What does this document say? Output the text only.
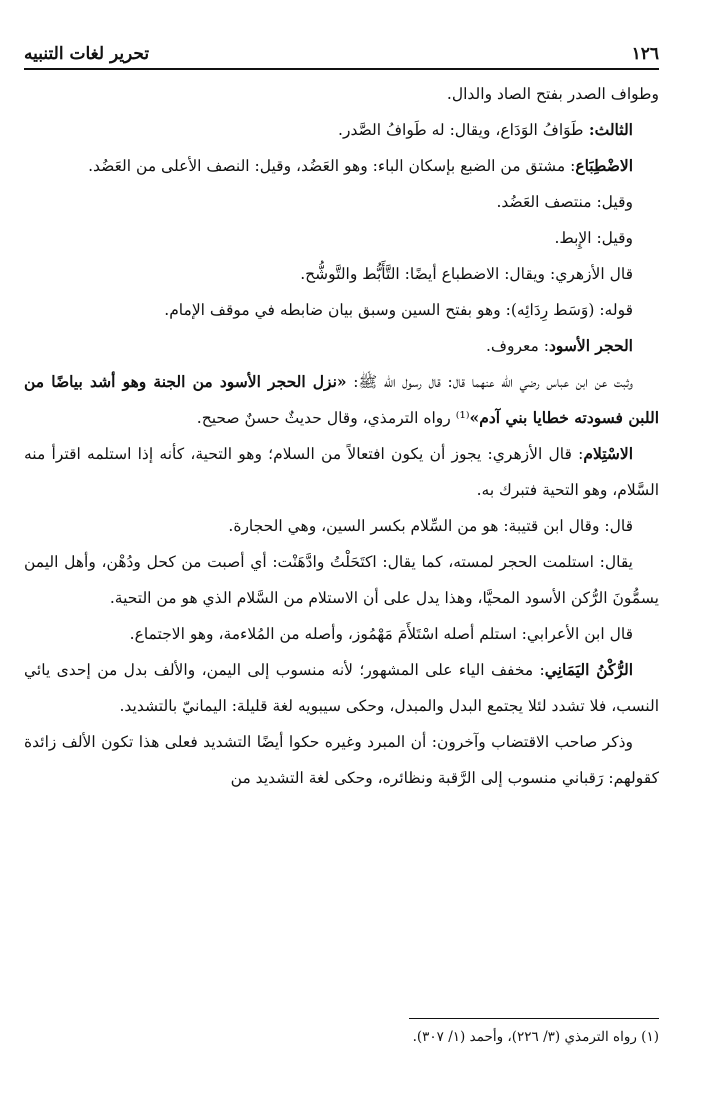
١٢٦
تحرير لغات التنبيه

وطواف الصدر بفتح الصاد والدال.

الثالث: طَوَافُ الوَدَاع، ويقال: له طَوافُ الصَّدر.

الاضْطِبَاع: مشتق من الضبع بإسكان الباء: وهو العَضُد، وقيل: النصف الأعلى من العَضُد.

وقيل: منتصف العَضُد.

وقيل: الإِبط.

قال الأزهري: ويقال: الاضطباع أيضًا: التَّأَبُّط والتَّوشُّح.

قوله: (وَسَط رِدَائِه): وهو بفتح السين وسبق بيان ضابطه في موقف الإمام.

الحجر الأسود: معروف.

وثبت عن ابن عباس رضي الله عنهما قال: قال رسول الله ﷺ: «نزل الحجر الأسود من الجنة وهو أشد بياضًا من اللبن فسودته خطايا بني آدم»⁽¹⁾ رواه الترمذي، وقال حديثٌ حسنٌ صحيح.

الاسْتِلام: قال الأزهري: يجوز أن يكون افتعالاً من السلام؛ وهو التحية، كأنه إذا استلمه اقترأ منه السَّلام، وهو التحية فتبرك به.

قال: وقال ابن قتيبة: هو من السِّلام بكسر السين، وهي الحجارة.

يقال: استلمت الحجر لمسته، كما يقال: اكتَحَلْتُ وادَّهَنْت: أي أصبت من كحل ودُهْن، وأهل اليمن يسمُّونَ الرُّكن الأسود المحيَّا، وهذا يدل على أن الاستلام من السَّلام الذي هو من التحية.

قال ابن الأعرابي: استلم أصله اسْتَلأَمَ مَهْمُوز، وأصله من المُلاءمة، وهو الاجتماع.

الرُّكْنُ اليَمَانِي: مخفف الياء على المشهور؛ لأنه منسوب إلى اليمن، والألف بدل من إحدى يائي النسب، فلا تشدد لئلا يجتمع البدل والمبدل، وحكى سيبويه لغة قليلة: اليمانيّ بالتشديد.

وذكر صاحب الاقتضاب وآخرون: أن المبرد وغيره حكوا أيضًا التشديد فعلى هذا تكون الألف زائدة كقولهم: رَقباني منسوب إلى الرَّقبة ونظائره، وحكى لغة التشديد من

(١) رواه الترمذي (٣/ ٢٢٦)، وأحمد (١/ ٣٠٧).
